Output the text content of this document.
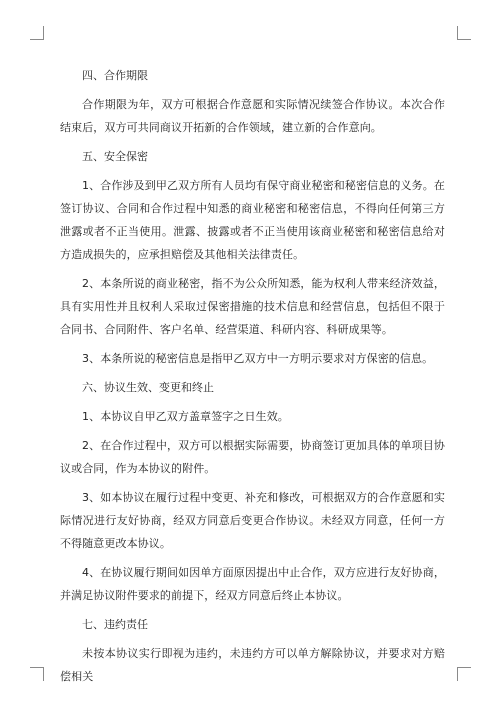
四、合作期限
合作期限为年，双方可根据合作意愿和实际情况续签合作协议。本次合作结束后，双方可共同商议开拓新的合作领域，建立新的合作意向。
五、安全保密
1、合作涉及到甲乙双方所有人员均有保守商业秘密和秘密信息的义务。在签订协议、合同和合作过程中知悉的商业秘密和秘密信息，不得向任何第三方泄露或者不正当使用。泄露、披露或者不正当使用该商业秘密和秘密信息给对方造成损失的，应承担赔偿及其他相关法律责任。
2、本条所说的商业秘密，指不为公众所知悉，能为权利人带来经济效益，具有实用性并且权利人采取过保密措施的技术信息和经营信息，包括但不限于合同书、合同附件、客户名单、经营渠道、科研内容、科研成果等。
3、本条所说的秘密信息是指甲乙双方中一方明示要求对方保密的信息。
六、协议生效、变更和终止
1、本协议自甲乙双方盖章签字之日生效。
2、在合作过程中，双方可以根据实际需要，协商签订更加具体的单项目协议或合同，作为本协议的附件。
3、如本协议在履行过程中变更、补充和修改，可根据双方的合作意愿和实际情况进行友好协商，经双方同意后变更合作协议。未经双方同意，任何一方不得随意更改本协议。
4、在协议履行期间如因单方面原因提出中止合作，双方应进行友好协商，并满足协议附件要求的前提下，经双方同意后终止本协议。
七、违约责任
未按本协议实行即视为违约，未违约方可以单方解除协议，并要求对方赔偿相关
